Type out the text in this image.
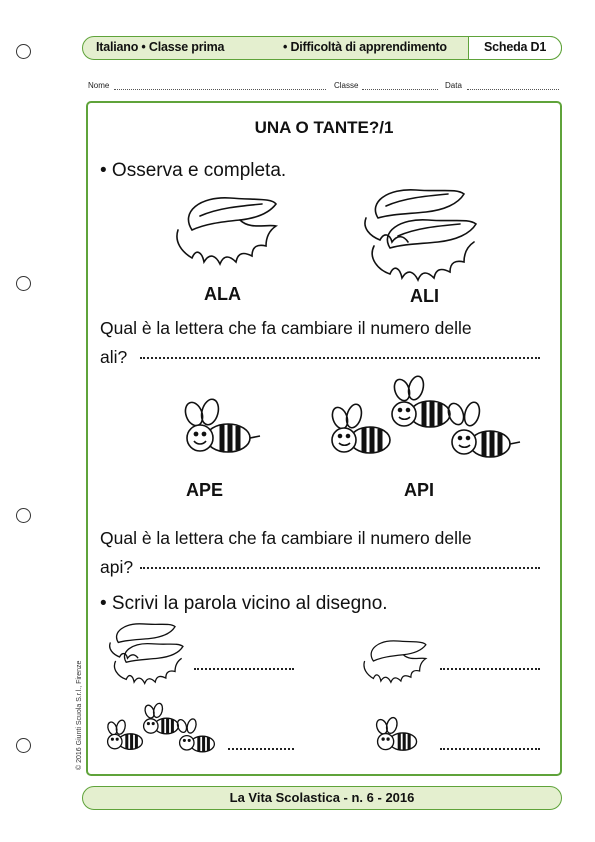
Italiano • Classe prima	• Difficoltà di apprendimento	Scheda D1
Nome	Classe	Data
UNA O TANTE?/1
• Osserva e completa.
ALA	ALI
Qual è la lettera che fa cambiare il numero delle
ali?
APE	API
Qual è la lettera che fa cambiare il numero delle
api?
• Scrivi la parola vicino al disegno.
© 2016 Giunti Scuola S.r.l., Firenze
La Vita Scolastica - n. 6 - 2016
